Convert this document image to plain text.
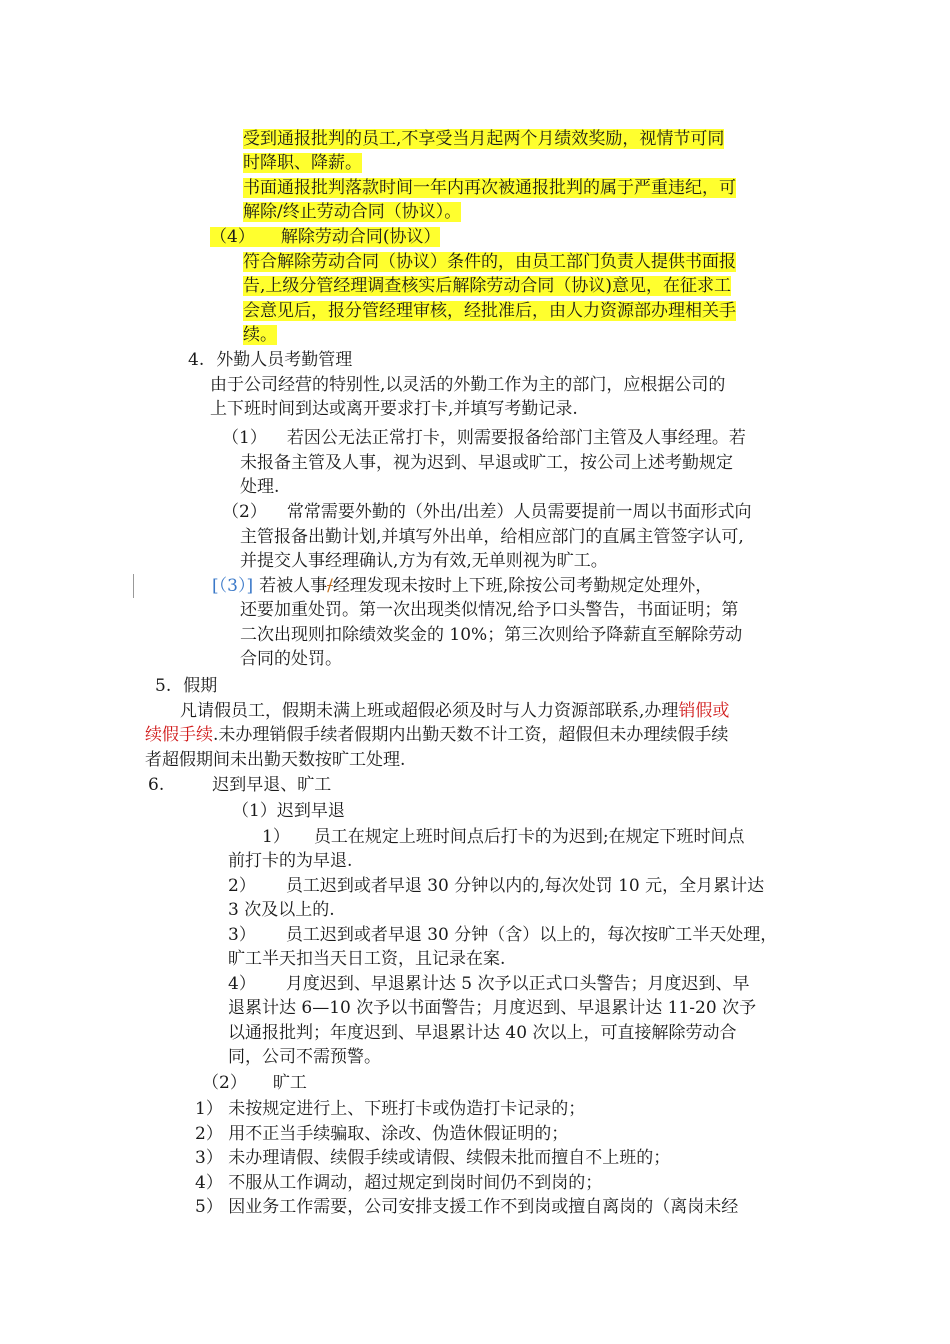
受到通报批判的员工,不享受当月起两个月绩效奖励，视情节可同
时降职、降薪。
书面通报批判落款时间一年内再次被通报批判的属于严重违纪，可
解除/终止劳动合同（协议）。
（4） 解除劳动合同(协议）
符合解除劳动合同（协议）条件的，由员工部门负责人提供书面报
告,上级分管经理调查核实后解除劳动合同（协议)意见，在征求工
会意见后，报分管经理审核，经批准后，由人力资源部办理相关手
续。
4. 外勤人员考勤管理
由于公司经营的特别性,以灵活的外勤工作为主的部门，应根据公司的
上下班时间到达或离开要求打卡,并填写考勤记录.
（1） 若因公无法正常打卡，则需要报备给部门主管及人事经理。若
未报备主管及人事，视为迟到、早退或旷工，按公司上述考勤规定
处理.
（2） 常常需要外勤的（外出/出差）人员需要提前一周以书面形式向
主管报备出勤计划,并填写外出单，给相应部门的直属主管签字认可,
并提交人事经理确认,方为有效,无单则视为旷工。
[（3）] 若被人事/经理发现未按时上下班,除按公司考勤规定处理外，
还要加重处罚。第一次出现类似情况,给予口头警告，书面证明；第
二次出现则扣除绩效奖金的 10%；第三次则给予降薪直至解除劳动
合同的处罚。
5. 假期
凡请假员工，假期未满上班或超假必须及时与人力资源部联系,办理销假或
续假手续.未办理销假手续者假期内出勤天数不计工资，超假但未办理续假手续
者超假期间未出勤天数按旷工处理.
6.	迟到早退、旷工
（1）迟到早退
1） 员工在规定上班时间点后打卡的为迟到;在规定下班时间点
前打卡的为早退.
2） 员工迟到或者早退 30 分钟以内的,每次处罚 10 元，全月累计达
3 次及以上的.
3） 员工迟到或者早退 30 分钟（含）以上的，每次按旷工半天处理，
旷工半天扣当天日工资，且记录在案.
4） 月度迟到、早退累计达 5 次予以正式口头警告；月度迟到、早
退累计达 6—10 次予以书面警告；月度迟到、早退累计达 11-20 次予
以通报批判；年度迟到、早退累计达 40 次以上，可直接解除劳动合
同，公司不需预警。
（2） 旷工
1） 未按规定进行上、下班打卡或伪造打卡记录的；
2） 用不正当手续骗取、涂改、伪造休假证明的；
3） 未办理请假、续假手续或请假、续假未批而擅自不上班的；
4） 不服从工作调动，超过规定到岗时间仍不到岗的；
5） 因业务工作需要，公司安排支援工作不到岗或擅自离岗的（离岗未经
